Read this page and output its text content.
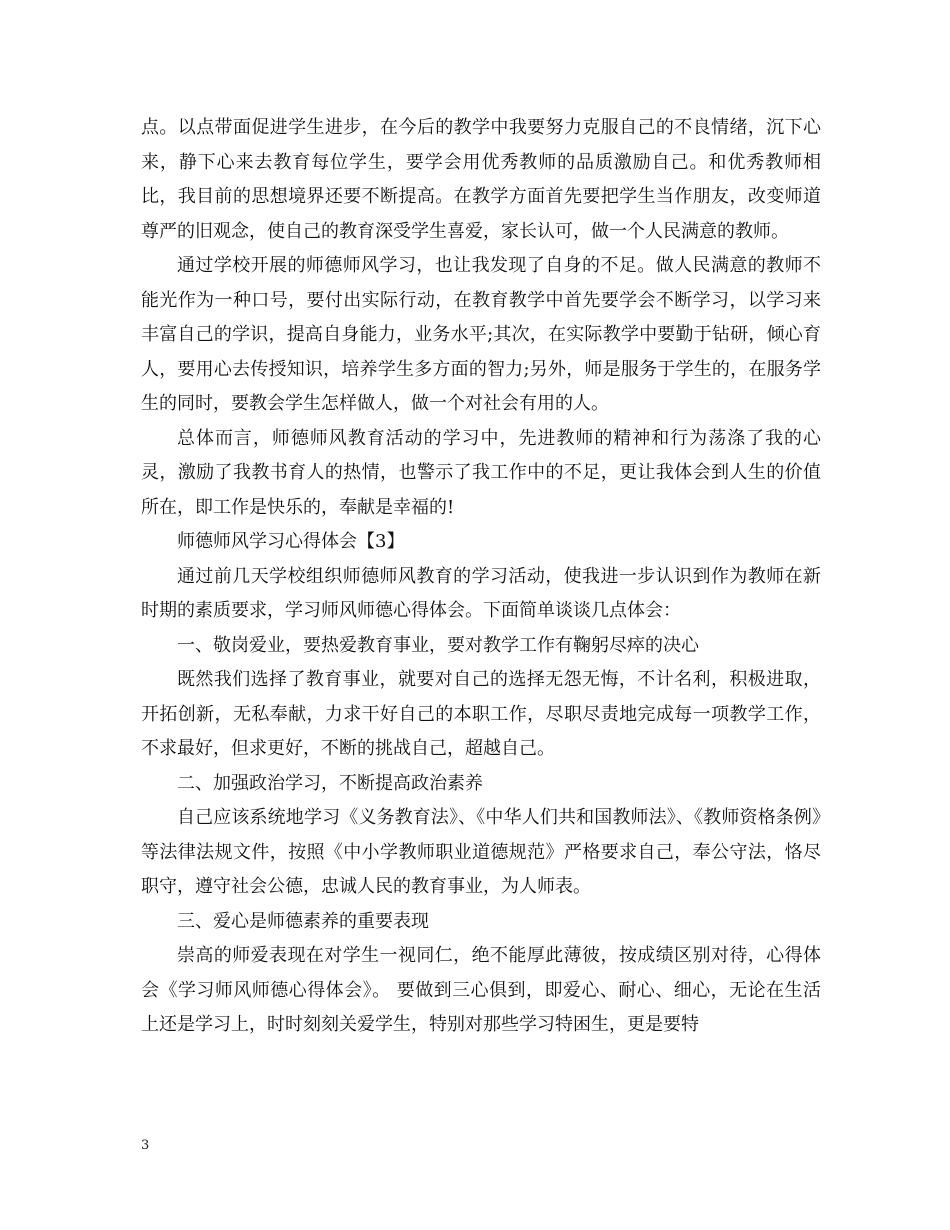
点。以点带面促进学生进步，在今后的教学中我要努力克服自己的不良情绪，沉下心来，静下心来去教育每位学生，要学会用优秀教师的品质激励自己。和优秀教师相比，我目前的思想境界还要不断提高。在教学方面首先要把学生当作朋友，改变师道尊严的旧观念，使自己的教育深受学生喜爱，家长认可，做一个人民满意的教师。

通过学校开展的师德师风学习，也让我发现了自身的不足。做人民满意的教师不能光作为一种口号，要付出实际行动，在教育教学中首先要学会不断学习，以学习来丰富自己的学识，提高自身能力，业务水平;其次，在实际教学中要勤于钻研，倾心育人，要用心去传授知识，培养学生多方面的智力;另外，师是服务于学生的，在服务学生的同时，要教会学生怎样做人，做一个对社会有用的人。

总体而言，师德师风教育活动的学习中，先进教师的精神和行为荡涤了我的心灵，激励了我教书育人的热情，也警示了我工作中的不足，更让我体会到人生的价值所在，即工作是快乐的，奉献是幸福的!

师德师风学习心得体会【3】

通过前几天学校组织师德师风教育的学习活动，使我进一步认识到作为教师在新时期的素质要求，学习师风师德心得体会。下面简单谈谈几点体会：

一、敬岗爱业，要热爱教育事业，要对教学工作有鞠躬尽瘁的决心

既然我们选择了教育事业，就要对自己的选择无怨无悔，不计名利，积极进取，开拓创新，无私奉献，力求干好自己的本职工作，尽职尽责地完成每一项教学工作，不求最好，但求更好，不断的挑战自己，超越自己。

二、加强政治学习，不断提高政治素养

自己应该系统地学习《义务教育法》、《中华人们共和国教师法》、《教师资格条例》等法律法规文件，按照《中小学教师职业道德规范》严格要求自己，奉公守法，恪尽职守，遵守社会公德，忠诚人民的教育事业，为人师表。

三、爱心是师德素养的重要表现

崇高的师爱表现在对学生一视同仁，绝不能厚此薄彼，按成绩区别对待，心得体会《学习师风师德心得体会》。 要做到三心俱到，即爱心、耐心、细心，无论在生活上还是学习上，时时刻刻关爱学生，特别对那些学习特困生，更是要特

3
